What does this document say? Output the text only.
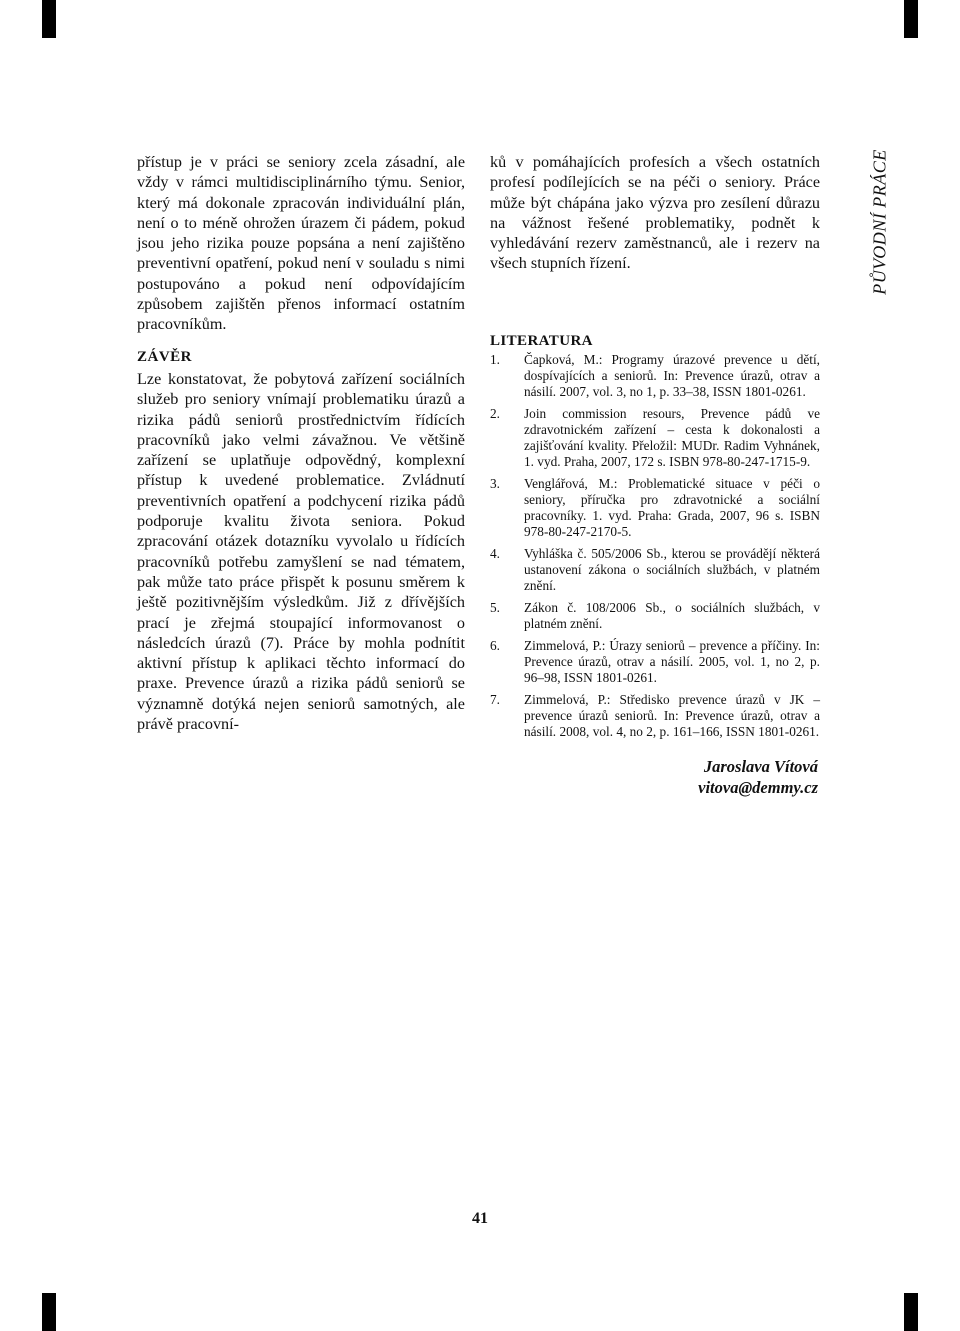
přístup je v práci se seniory zcela zásadní, ale vždy v rámci multidisciplinárního týmu. Senior, který má dokonale zpracován individuální plán, není o to méně ohrožen úrazem či pádem, pokud jsou jeho rizika pouze popsána a není zajištěno preventivní opatření, pokud není v souladu s nimi postupováno a pokud není odpovídajícím způsobem zajištěn přenos informací ostatním pracovníkům.

ZÁVĚR

Lze konstatovat, že pobytová zařízení sociálních služeb pro seniory vnímají problematiku úrazů a rizika pádů seniorů prostřednictvím řídících pracovníků jako velmi závažnou. Ve většině zařízení se uplatňuje odpovědný, komplexní přístup k uvedené problematice. Zvládnutí preventivních opatření a podchycení rizika pádů podporuje kvalitu života seniora. Pokud zpracování otázek dotazníku vyvolalo u řídících pracovníků potřebu zamyšlení se nad tématem, pak může tato práce přispět k posunu směrem k ještě pozitivnějším výsledkům. Již z dřívějších prací je zřejmá stoupající informovanost o následcích úrazů (7). Práce by mohla podnítit aktivní přístup k aplikaci těchto informací do praxe. Prevence úrazů a rizika pádů seniorů se významně dotýká nejen seniorů samotných, ale právě pracovní-

ků v pomáhajících profesích a všech ostatních profesí podílejících se na péči o seniory. Práce může být chápána jako výzva pro zesílení důrazu na vážnost řešené problematiky, podnět k vyhledávání rezerv zaměstnanců, ale i rezerv na všech stupních řízení.

LITERATURA
1. Čapková, M.: Programy úrazové prevence u dětí, dospívajících a seniorů. In: Prevence úrazů, otrav a násilí. 2007, vol. 3, no 1, p. 33–38, ISSN 1801-0261.
2. Join commission resours, Prevence pádů ve zdravotnickém zařízení – cesta k dokonalosti a zajišťování kvality. Přeložil: MUDr. Radim Vyhnánek, 1. vyd. Praha, 2007, 172 s. ISBN 978-80-247-1715-9.
3. Venglářová, M.: Problematické situace v péči o seniory, příručka pro zdravotnické a sociální pracovníky. 1. vyd. Praha: Grada, 2007, 96 s. ISBN 978-80-247-2170-5.
4. Vyhláška č. 505/2006 Sb., kterou se provádějí některá ustanovení zákona o sociálních službách, v platném znění.
5. Zákon č. 108/2006 Sb., o sociálních službách, v platném znění.
6. Zimmelová, P.: Úrazy seniorů – prevence a příčiny. In: Prevence úrazů, otrav a násilí. 2005, vol. 1, no 2, p. 96–98, ISSN 1801-0261.
7. Zimmelová, P.: Středisko prevence úrazů v JK – prevence úrazů seniorů. In: Prevence úrazů, otrav a násilí. 2008, vol. 4, no 2, p. 161–166, ISSN 1801-0261.
Jaroslava Vítová
vitova@demmy.cz
PŮVODNÍ PRÁCE
41
